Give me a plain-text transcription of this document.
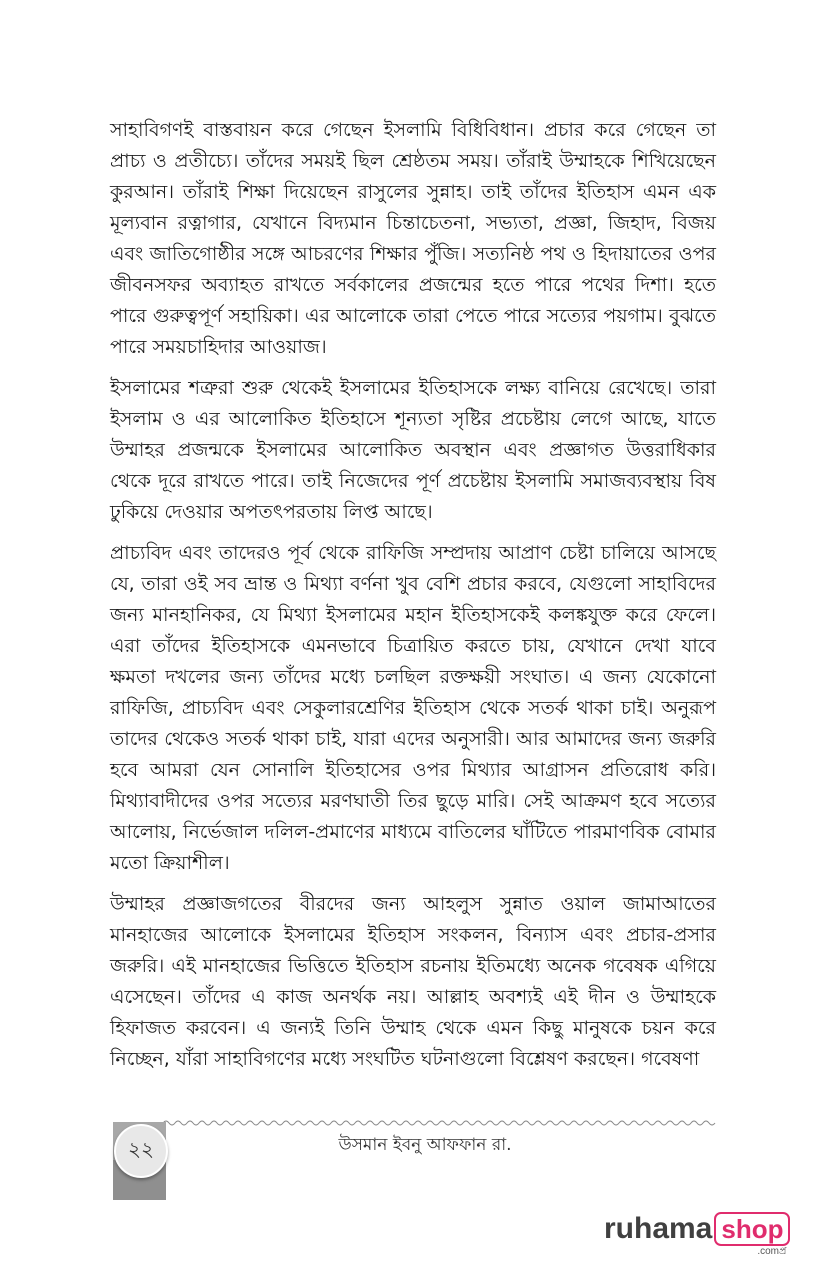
সাহাবিগণই বাস্তবায়ন করে গেছেন ইসলামি বিধিবিধান। প্রচার করে গেছেন তা প্রাচ্য ও প্রতীচ্যে। তাঁদের সময়ই ছিল শ্রেষ্ঠতম সময়। তাঁরাই উম্মাহকে শিখিয়েছেন কুরআন। তাঁরাই শিক্ষা দিয়েছেন রাসুলের সুন্নাহ। তাই তাঁদের ইতিহাস এমন এক মূল্যবান রত্নাগার, যেখানে বিদ্যমান চিন্তাচেতনা, সভ্যতা, প্রজ্ঞা, জিহাদ, বিজয় এবং জাতিগোষ্ঠীর সঙ্গে আচরণের শিক্ষার পুঁজি। সত্যনিষ্ঠ পথ ও হিদায়াতের ওপর জীবনসফর অব্যাহত রাখতে সর্বকালের প্রজন্মের হতে পারে পথের দিশা। হতে পারে গুরুত্বপূর্ণ সহায়িকা। এর আলোকে তারা পেতে পারে সত্যের পয়গাম। বুঝতে পারে সময়চাহিদার আওয়াজ।

ইসলামের শত্রুরা শুরু থেকেই ইসলামের ইতিহাসকে লক্ষ্য বানিয়ে রেখেছে। তারা ইসলাম ও এর আলোকিত ইতিহাসে শূন্যতা সৃষ্টির প্রচেষ্টায় লেগে আছে, যাতে উম্মাহর প্রজন্মকে ইসলামের আলোকিত অবস্থান এবং প্রজ্ঞাগত উত্তরাধিকার থেকে দূরে রাখতে পারে। তাই নিজেদের পূর্ণ প্রচেষ্টায় ইসলামি সমাজব্যবস্থায় বিষ ঢুকিয়ে দেওয়ার অপতৎপরতায় লিপ্ত আছে।

প্রাচ্যবিদ এবং তাদেরও পূর্ব থেকে রাফিজি সম্প্রদায় আপ্রাণ চেষ্টা চালিয়ে আসছে যে, তারা ওই সব ভ্রান্ত ও মিথ্যা বর্ণনা খুব বেশি প্রচার করবে, যেগুলো সাহাবিদের জন্য মানহানিকর, যে মিথ্যা ইসলামের মহান ইতিহাসকেই কলঙ্কযুক্ত করে ফেলে। এরা তাঁদের ইতিহাসকে এমনভাবে চিত্রায়িত করতে চায়, যেখানে দেখা যাবে ক্ষমতা দখলের জন্য তাঁদের মধ্যে চলছিল রক্তক্ষয়ী সংঘাত। এ জন্য যেকোনো রাফিজি, প্রাচ্যবিদ এবং সেকুলারশ্রেণির ইতিহাস থেকে সতর্ক থাকা চাই। অনুরূপ তাদের থেকেও সতর্ক থাকা চাই, যারা এদের অনুসারী। আর আমাদের জন্য জরুরি হবে আমরা যেন সোনালি ইতিহাসের ওপর মিথ্যার আগ্রাসন প্রতিরোধ করি। মিথ্যাবাদীদের ওপর সত্যের মরণঘাতী তির ছুড়ে মারি। সেই আক্রমণ হবে সত্যের আলোয়, নির্ভেজাল দলিল-প্রমাণের মাধ্যমে বাতিলের ঘাঁটিতে পারমাণবিক বোমার মতো ক্রিয়াশীল।

উম্মাহর প্রজ্ঞাজগতের বীরদের জন্য আহলুস সুন্নাত ওয়াল জামাআতের মানহাজের আলোকে ইসলামের ইতিহাস সংকলন, বিন্যাস এবং প্রচার-প্রসার জরুরি। এই মানহাজের ভিত্তিতে ইতিহাস রচনায় ইতিমধ্যে অনেক গবেষক এগিয়ে এসেছেন। তাঁদের এ কাজ অনর্থক নয়। আল্লাহ অবশ্যই এই দীন ও উম্মাহকে হিফাজত করবেন। এ জন্যই তিনি উম্মাহ থেকে এমন কিছু মানুষকে চয়ন করে নিচ্ছেন, যাঁরা সাহাবিগণের মধ্যে সংঘটিত ঘটনাগুলো বিশ্লেষণ করছেন। গবেষণা

২২	উসমান ইবনু আফফান রা.
ruhama shop
.comপ্র
